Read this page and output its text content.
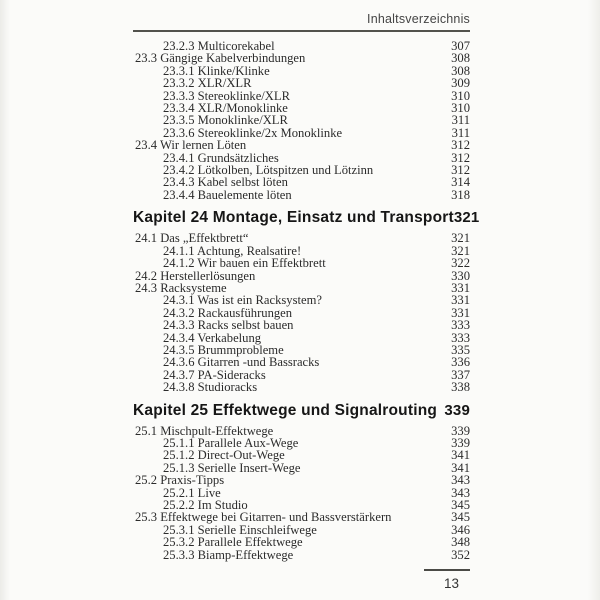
Inhaltsverzeichnis
23.2.3 Multicorekabel	307
23.3 Gängige Kabelverbindungen	308
23.3.1 Klinke/Klinke	308
23.3.2 XLR/XLR	309
23.3.3 Stereoklinke/XLR	310
23.3.4 XLR/Monoklinke	310
23.3.5 Monoklinke/XLR	311
23.3.6 Stereoklinke/2x Monoklinke	311
23.4 Wir lernen Löten	312
23.4.1 Grundsätzliches	312
23.4.2 Lötkolben, Lötspitzen und Lötzinn	312
23.4.3 Kabel selbst löten	314
23.4.4 Bauelemente löten	318
Kapitel 24 Montage, Einsatz und Transport 321
24.1 Das „Effektbrett“	321
24.1.1 Achtung, Realsatire!	321
24.1.2 Wir bauen ein Effektbrett	322
24.2 Herstellerlösungen	330
24.3 Racksysteme	331
24.3.1 Was ist ein Racksystem?	331
24.3.2 Rackausführungen	331
24.3.3 Racks selbst bauen	333
24.3.4 Verkabelung	333
24.3.5 Brummprobleme	335
24.3.6 Gitarren -und Bassracks	336
24.3.7 PA-Sideracks	337
24.3.8 Studioracks	338
Kapitel 25 Effektwege und Signalrouting 339
25.1 Mischpult-Effektwege	339
25.1.1 Parallele Aux-Wege	339
25.1.2 Direct-Out-Wege	341
25.1.3 Serielle Insert-Wege	341
25.2 Praxis-Tipps	343
25.2.1 Live	343
25.2.2 Im Studio	345
25.3 Effektwege bei Gitarren- und Bassverstärkern	345
25.3.1 Serielle Einschleifwege	346
25.3.2 Parallele Effektwege	348
25.3.3 Biamp-Effektwege	352
13
